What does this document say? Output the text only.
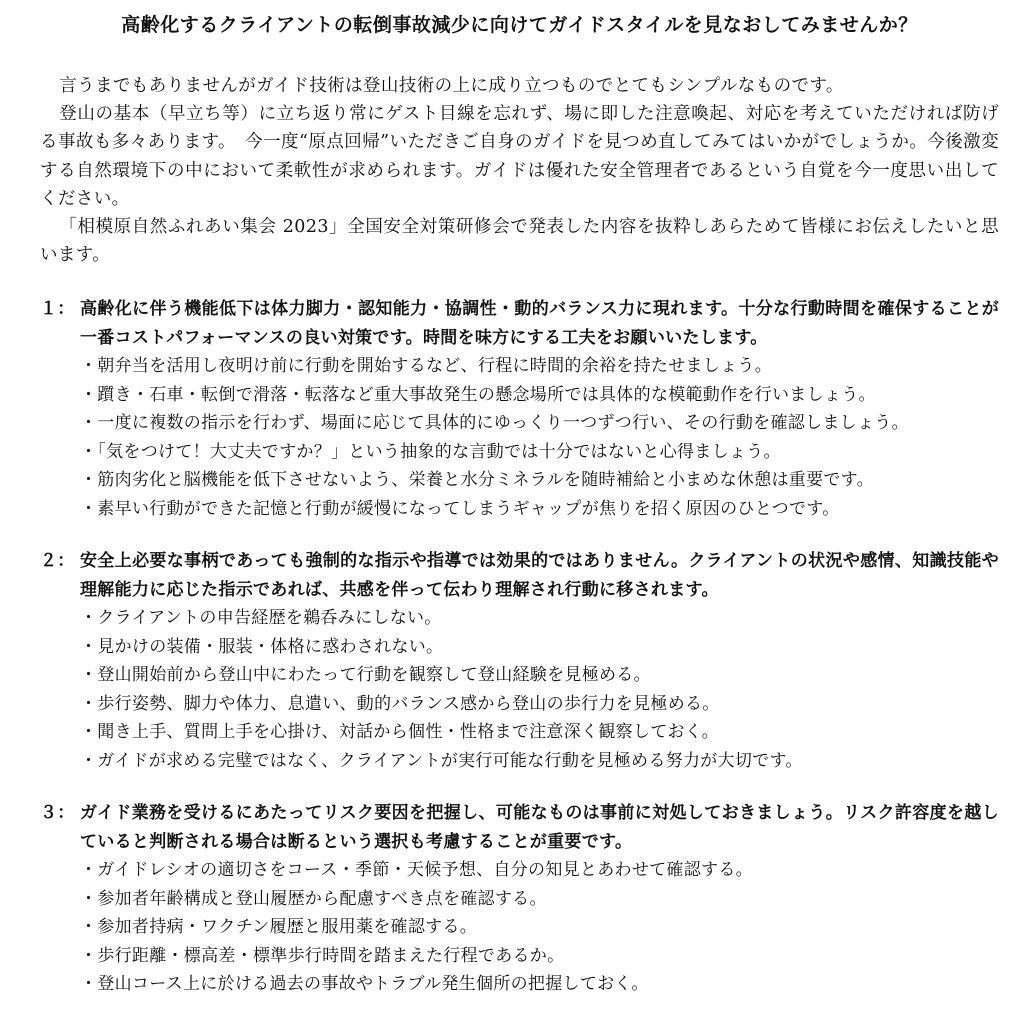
高齢化するクライアントの転倒事故減少に向けてガイドスタイルを見なおしてみませんか？

言うまでもありませんがガイド技術は登山技術の上に成り立つものでとてもシンプルなものです。

登山の基本（早立ち等）に立ち返り常にゲスト目線を忘れず、場に即した注意喚起、対応を考えていただければ防げる事故も多々あります。　今一度“原点回帰”いただきご自身のガイドを見つめ直してみてはいかがでしょうか。今後激変する自然環境下の中において柔軟性が求められます。ガイドは優れた安全管理者であるという自覚を今一度思い出してください。

「相模原自然ふれあい集会 2023」全国安全対策研修会で発表した内容を抜粋しあらためて皆様にお伝えしたいと思います。

１： 高齢化に伴う機能低下は体力脚力・認知能力・協調性・動的バランス力に現れます。十分な行動時間を確保することが一番コストパフォーマンスの良い対策です。時間を味方にする工夫をお願いいたします。
・朝弁当を活用し夜明け前に行動を開始するなど、行程に時間的余裕を持たせましょう。
・躓き・石車・転倒で滑落・転落など重大事故発生の懸念場所では具体的な模範動作を行いましょう。
・一度に複数の指示を行わず、場面に応じて具体的にゆっくり一つずつ行い、その行動を確認しましょう。
・「気をつけて！大丈夫ですか？」という抽象的な言動では十分ではないと心得ましょう。
・筋肉劣化と脳機能を低下させないよう、栄養と水分ミネラルを随時補給と小まめな休憩は重要です。
・素早い行動ができた記憶と行動が緩慢になってしまうギャップが焦りを招く原因のひとつです。
２： 安全上必要な事柄であっても強制的な指示や指導では効果的ではありません。クライアントの状況や感情、知識技能や理解能力に応じた指示であれば、共感を伴って伝わり理解され行動に移されます。
・クライアントの申告経歴を鵜呑みにしない。
・見かけの装備・服装・体格に惑わされない。
・登山開始前から登山中にわたって行動を観察して登山経験を見極める。
・歩行姿勢、脚力や体力、息遣い、動的バランス感から登山の歩行力を見極める。
・聞き上手、質問上手を心掛け、対話から個性・性格まで注意深く観察しておく。
・ガイドが求める完璧ではなく、クライアントが実行可能な行動を見極める努力が大切です。
３： ガイド業務を受けるにあたってリスク要因を把握し、可能なものは事前に対処しておきましょう。リスク許容度を越していると判断される場合は断るという選択も考慮することが重要です。
・ガイドレシオの適切さをコース・季節・天候予想、自分の知見とあわせて確認する。
・参加者年齢構成と登山履歴から配慮すべき点を確認する。
・参加者持病・ワクチン履歴と服用薬を確認する。
・歩行距離・標高差・標準歩行時間を踏まえた行程であるか。
・登山コース上に於ける過去の事故やトラブル発生個所の把握しておく。
